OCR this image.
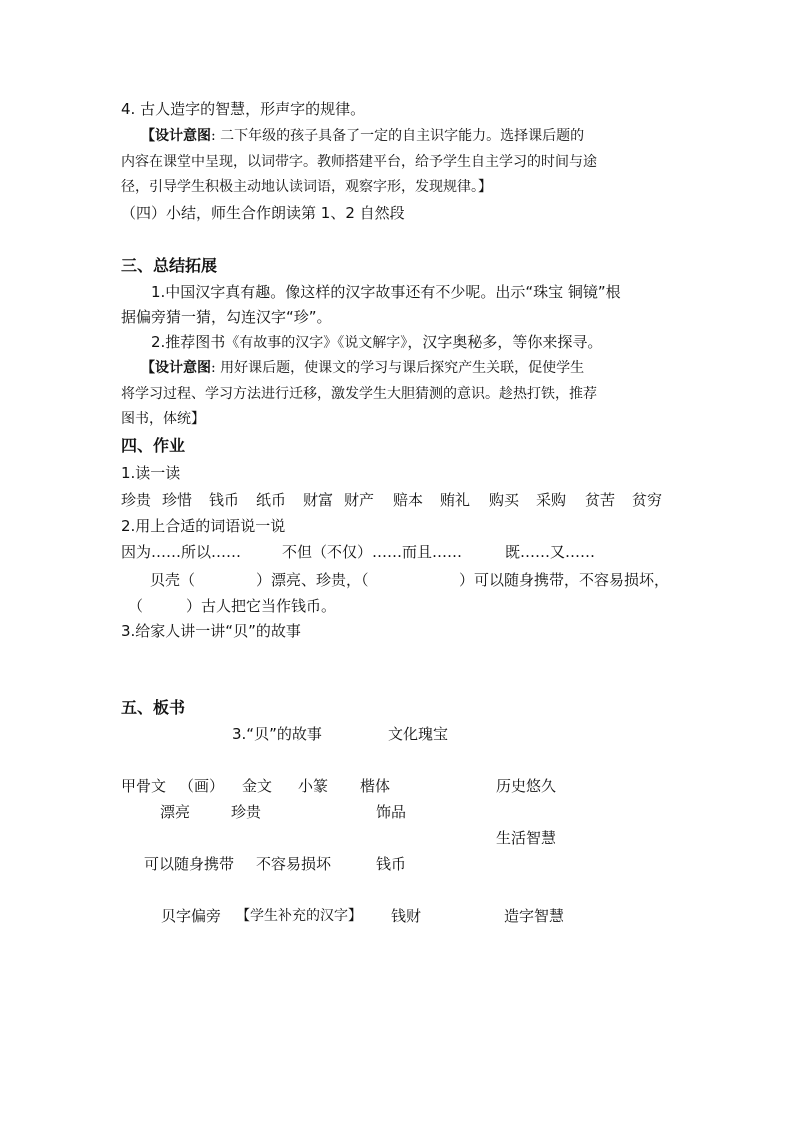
4. 古人造字的智慧，形声字的规律。
【设计意图: 二下年级的孩子具备了一定的自主识字能力。选择课后题的
内容在课堂中呈现，以词带字。教师搭建平台，给予学生自主学习的时间与途
径，引导学生积极主动地认读词语，观察字形，发现规律。】
（四）小结，师生合作朗读第 1、2 自然段
三、总结拓展
1.中国汉字真有趣。像这样的汉字故事还有不少呢。出示“珠宝 铜镜”根
据偏旁猜一猜，勾连汉字“珍”。
2.推荐图书《有故事的汉字》《说文解字》，汉字奥秘多，等你来探寻。
【设计意图: 用好课后题，使课文的学习与课后探究产生关联，促使学生
将学习过程、学习方法进行迁移，激发学生大胆猜测的意识。趁热打铁，推荐
图书，体统】
四、作业
1.读一读
珍贵 珍惜 钱币 纸币 财富 财产 赔本 贿礼 购买 采购 贫苦 贫穷
2.用上合适的词语说一说
因为……所以……	不但（不仅）……而且……	既……又……
贝壳（	）漂亮、珍贵，（	）可以随身携带，不容易损坏，
（	）古人把它当作钱币。
3.给家人讲一讲“贝”的故事
五、板书
3.“贝”的故事	文化瑰宝
甲骨文 （画） 金文 小篆 楷体	历史悠久
漂亮	珍贵	饰品
生活智慧
可以随身携带 不容易损坏	钱币
贝字偏旁 【学生补充的汉字】 钱财	造字智慧
